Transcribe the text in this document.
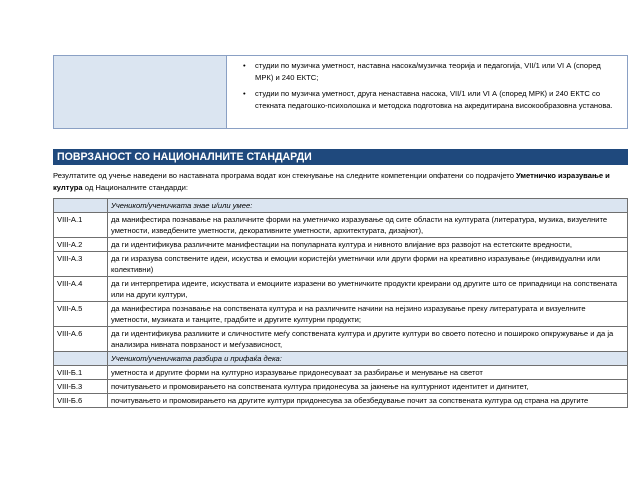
• студии по музичка уметност, наставна насока/музичка теорија и педагогија, VII/1 или VI А (според МРК) и 240 ЕКТС;
• студии по музичка уметност, друга ненаставна насока, VII/1 или VI А (според МРК) и 240 ЕКТС со стекната педагошко-психолошка и методска подготовка на акредитирана високообразовна установа.
ПОВРЗАНОСТ СО НАЦИОНАЛНИТЕ СТАНДАРДИ
Резултатите од учење наведени во наставната програма водат кон стекнување на следните компетенции опфатени со подрачјето Уметничко изразување и култура од Националните стандарди:
	Ученикот/ученичката знае и/или умее:
VIII-А.1	да манифестира познавање на различните форми на уметничко изразување од сите области на културата (литература, музика, визуелните уметности, изведбените уметности, декоративните уметности, архитектурата, дизајнот),
VIII-А.2	да ги идентификува различните манифестации на популарната култура и нивното влијание врз развојот на естетските вредности,
VIII-А.3	да ги изразува сопствените идеи, искуства и емоции користејќи уметнички или други форми на креативно изразување (индивидуални или колективни)
VIII-А.4	да ги интерпретира идеите, искуствата и емоциите изразени во уметничките продукти креирани од другите што се припадници на сопствената или на други култури,
VIII-А.5	да манифестира познавање на сопствената култура и на различните начини на нејзино изразување преку литературата и визуелните уметности, музиката и танците, градбите и другите културни продукти;
VIII-А.6	да ги идентификува разликите и сличностите меѓу сопствената култура и другите култури во своето потесно и пошироко опкружување и да ја анализира нивната поврзаност и меѓузависност,
	Ученикот/ученичката разбира и прифаќа дека:
VIII-Б.1	уметностa и другите форми на културно изразување придонесуваат за разбирање и менување на светот
VIII-Б.3	почитувањето и промовирањето на сопствената култура придонесува за јакнење на културниот идентитет и дигнитет,
VIII-Б.6	почитувањето и промовирањето на другите култури придонесува за обезбедување почит за сопствената култура од страна на другите
